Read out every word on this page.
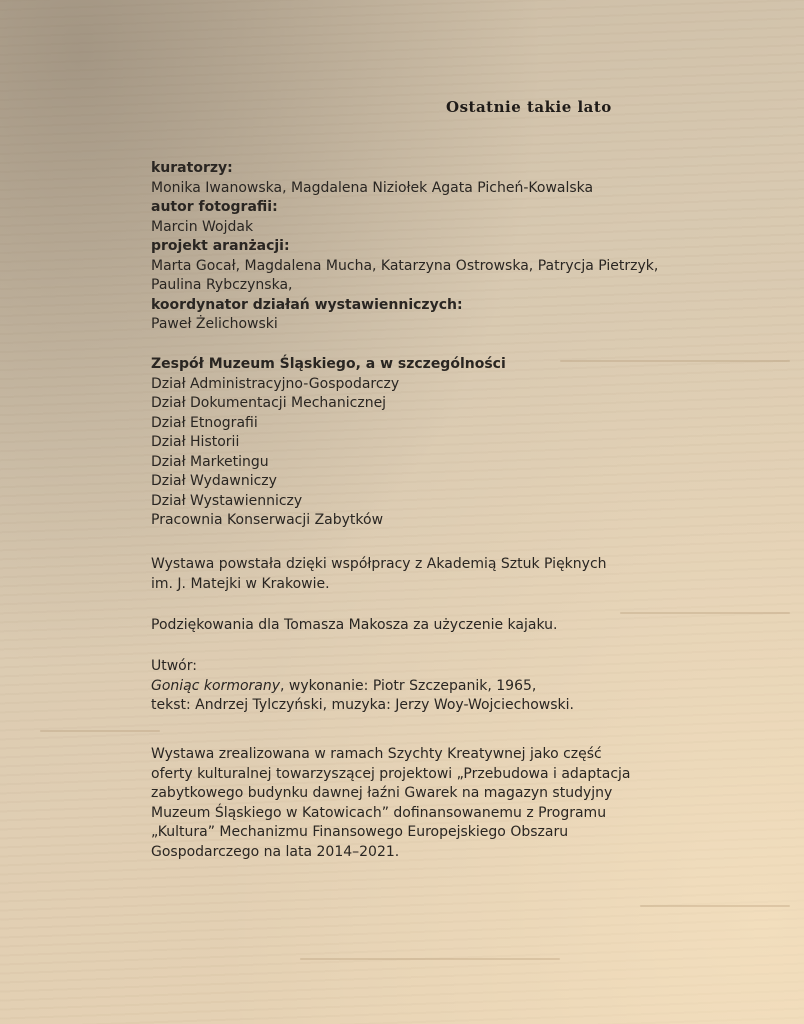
Ostatnie takie lato
kuratorzy:
Monika Iwanowska, Magdalena Niziołek Agata Picheń-Kowalska
autor fotografii:
Marcin Wojdak
projekt aranżacji:
Marta Gocał, Magdalena Mucha, Katarzyna Ostrowska, Patrycja Pietrzyk,
Paulina Rybczynska,
koordynator działań wystawienniczych:
Paweł Żelichowski
Zespół Muzeum Śląskiego, a w szczególności
Dział Administracyjno-Gospodarczy
Dział Dokumentacji Mechanicznej
Dział Etnografii
Dział Historii
Dział Marketingu
Dział Wydawniczy
Dział Wystawienniczy
Pracownia Konserwacji Zabytków
Wystawa powstała dzięki współpracy z Akademią Sztuk Pięknych
im. J. Matejki w Krakowie.
Podziękowania dla Tomasza Makosza za użyczenie kajaku.
Utwór:
Goniąc kormorany, wykonanie: Piotr Szczepanik, 1965,
tekst: Andrzej Tylczyński, muzyka: Jerzy Woy-Wojciechowski.
Wystawa zrealizowana w ramach Szychty Kreatywnej jako część
oferty kulturalnej towarzyszącej projektowi „Przebudowa i adaptacja
zabytkowego budynku dawnej łaźni Gwarek na magazyn studyjny
Muzeum Śląskiego w Katowicach” dofinansowanemu z Programu
„Kultura” Mechanizmu Finansowego Europejskiego Obszaru
Gospodarczego na lata 2014–2021.
